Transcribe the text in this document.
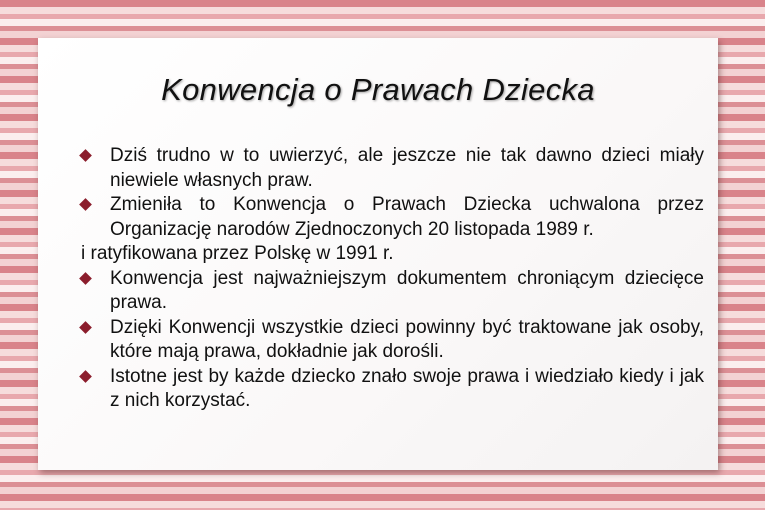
Konwencja o Prawach Dziecka
Dziś trudno w to uwierzyć, ale jeszcze nie tak dawno dzieci miały niewiele własnych praw.
Zmieniła to Konwencja o Prawach Dziecka uchwalona przez Organizację narodów Zjednoczonych 20 listopada 1989 r.
i ratyfikowana przez Polskę w 1991 r.
Konwencja jest najważniejszym dokumentem chroniącym dziecięce prawa.
Dzięki Konwencji wszystkie dzieci powinny być traktowane jak osoby, które mają prawa, dokładnie jak dorośli.
Istotne jest by każde dziecko znało swoje prawa i wiedziało kiedy i jak z nich korzystać.
